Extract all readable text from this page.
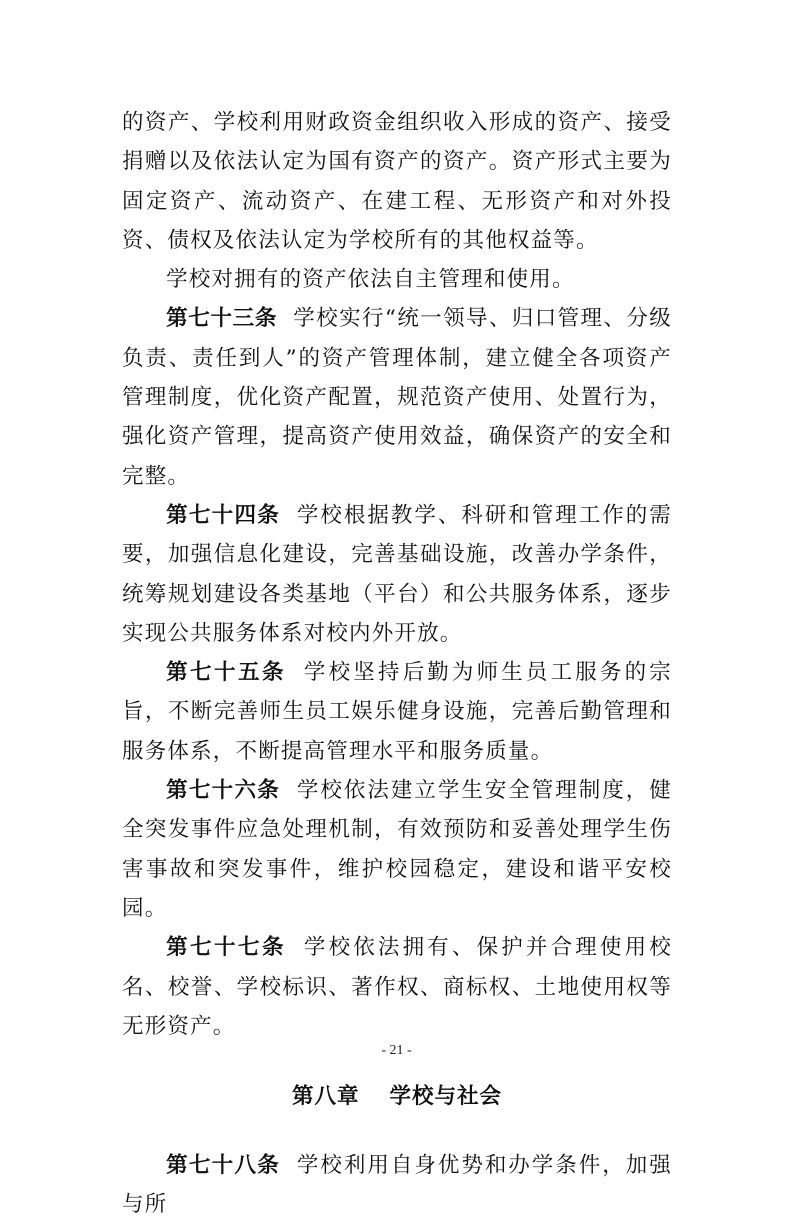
的资产、学校利用财政资金组织收入形成的资产、接受捐赠以及依法认定为国有资产的资产。资产形式主要为固定资产、流动资产、在建工程、无形资产和对外投资、债权及依法认定为学校所有的其他权益等。

学校对拥有的资产依法自主管理和使用。

第七十三条 学校实行“统一领导、归口管理、分级负责、责任到人”的资产管理体制，建立健全各项资产管理制度，优化资产配置，规范资产使用、处置行为，强化资产管理，提高资产使用效益，确保资产的安全和完整。

第七十四条 学校根据教学、科研和管理工作的需要，加强信息化建设，完善基础设施，改善办学条件，统筹规划建设各类基地（平台）和公共服务体系，逐步实现公共服务体系对校内外开放。

第七十五条 学校坚持后勤为师生员工服务的宗旨，不断完善师生员工娱乐健身设施，完善后勤管理和服务体系，不断提高管理水平和服务质量。

第七十六条 学校依法建立学生安全管理制度，健全突发事件应急处理机制，有效预防和妥善处理学生伤害事故和突发事件，维护校园稳定，建设和谐平安校园。

第七十七条 学校依法拥有、保护并合理使用校名、校誉、学校标识、著作权、商标权、土地使用权等无形资产。

第八章 学校与社会

第七十八条 学校利用自身优势和办学条件，加强与所

- 21 -
